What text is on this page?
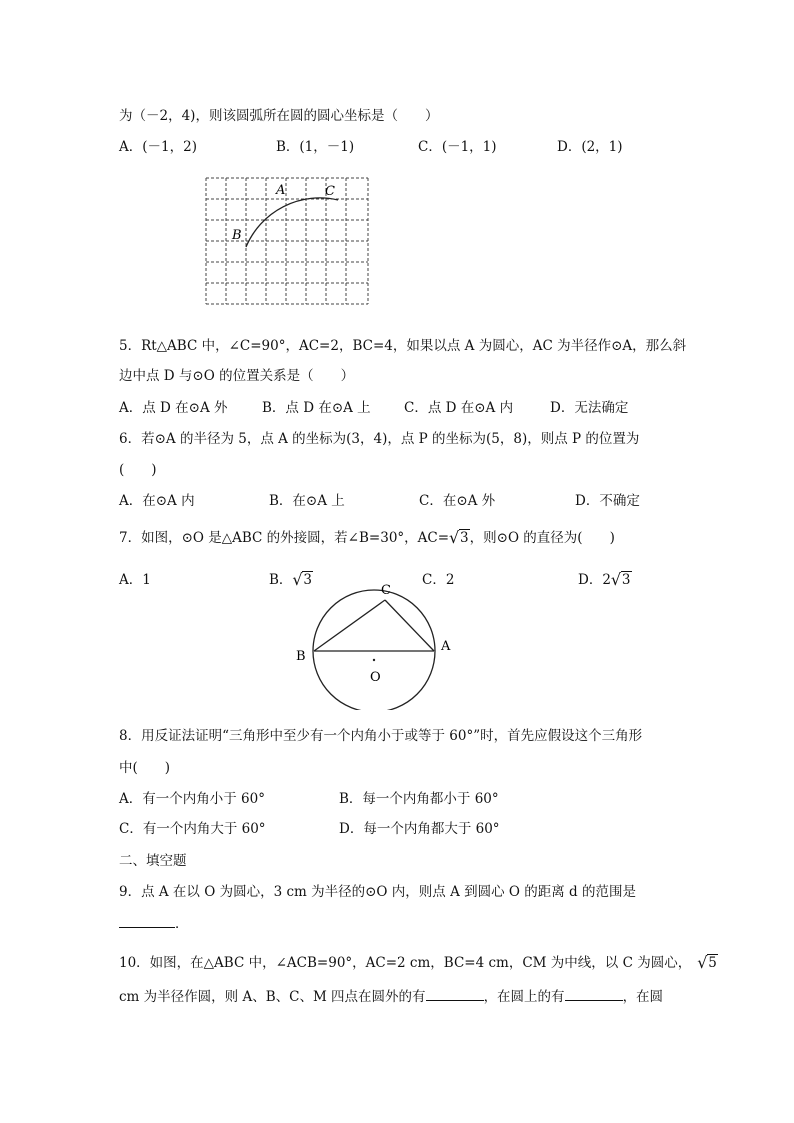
为（－2，4)，则该圆弧所在圆的圆心坐标是（　　）
A．(－1，2)	B．(1，－1)	C．(－1，1)	D．(2，1)
A	C
B
5．Rt△ABC 中，∠C=90°，AC=2，BC=4，如果以点 A 为圆心，AC 为半径作⊙A，那么斜
边中点 D 与⊙O 的位置关系是（　　）
A．点 D 在⊙A 外	B．点 D 在⊙A 上 C．点 D 在⊙A 内	D．无法确定
6．若⊙A 的半径为 5，点 A 的坐标为(3，4)，点 P 的坐标为(5，8)，则点 P 的位置为
(　　)
A．在⊙A 内	B．在⊙A 上	C．在⊙A 外	D．不确定
7．如图，⊙O 是△ABC 的外接圆，若∠B=30°，AC= √ 3，则⊙O 的直径为(　　)
A．1	B． √ 3	C．2	D．2 √ 3
C
B
A
O
8．用反证法证明“三角形中至少有一个内角小于或等于 60°”时，首先应假设这个三角形
中(　　)
A．有一个内角小于 60°	B．每一个内角都小于 60°
C．有一个内角大于 60°	D．每一个内角都大于 60°
二、填空题
9．点 A 在以 O 为圆心，3 cm 为半径的⊙O 内，则点 A 到圆心 O 的距离 d 的范围是
．
10．如图，在△ABC 中，∠ACB=90°，AC=2 cm，BC=4 cm，CM 为中线，以 C 为圆心， √ 5
cm 为半径作圆，则 A、B、C、M 四点在圆外的有	，在圆上的有	，在圆
